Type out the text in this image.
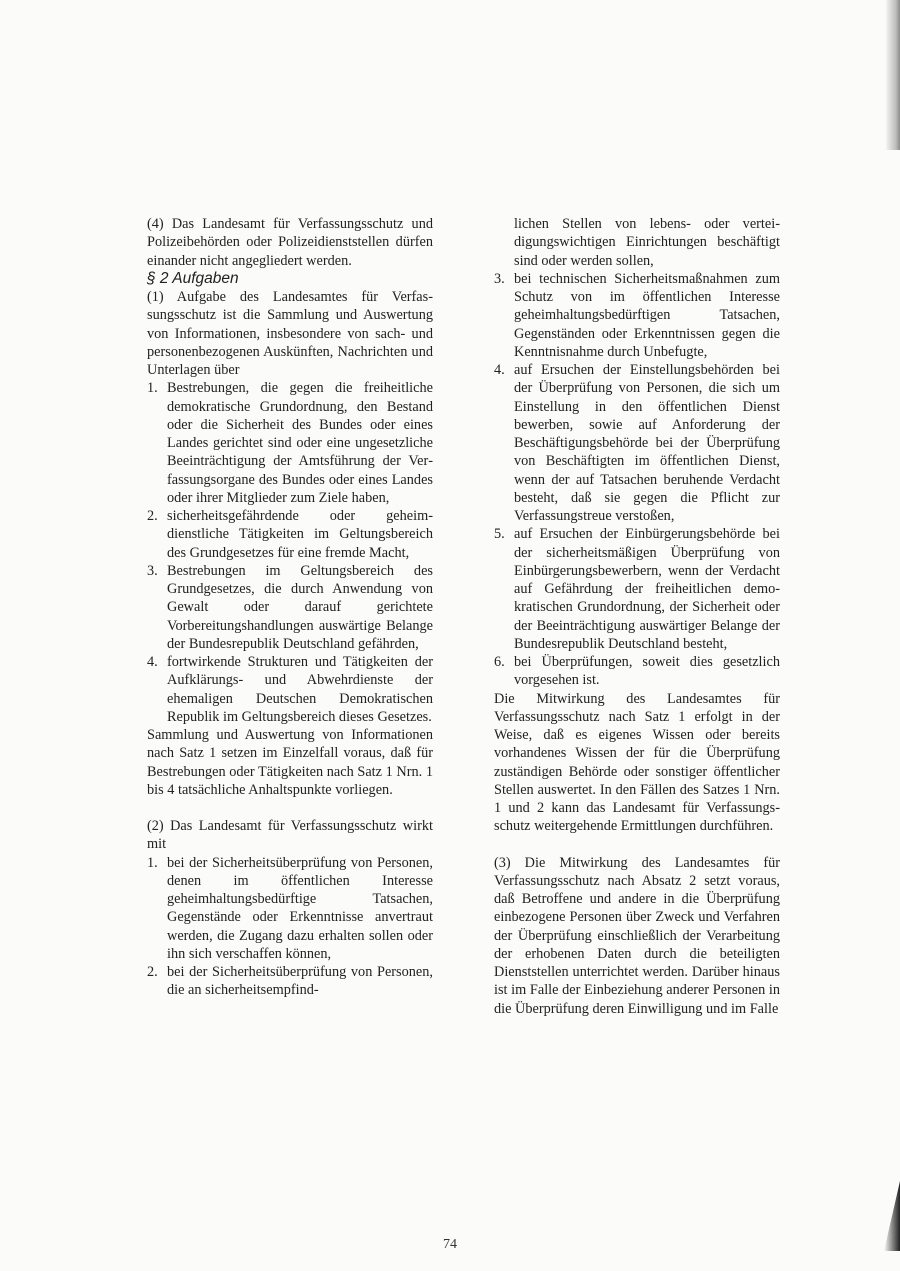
(4) Das Landesamt für Verfassungsschutz und Polizeibehörden oder Polizeidienststellen dürfen einander nicht angegliedert werden.

§ 2 Aufgaben

(1) Aufgabe des Landesamtes für Verfassungsschutz ist die Sammlung und Auswertung von Informationen, insbesondere von sach- und personenbezogenen Auskünften, Nachrichten und Unterlagen über

1. Bestrebungen, die gegen die freiheitliche demokratische Grundordnung, den Bestand oder die Sicherheit des Bundes oder eines Landes gerichtet sind oder eine ungesetzliche Beeinträchtigung der Amtsführung der Verfassungsorgane des Bundes oder eines Landes oder ihrer Mitglieder zum Ziele haben,
2. sicherheitsgefährdende oder geheimdienstliche Tätigkeiten im Geltungsbereich des Grundgesetzes für eine fremde Macht,
3. Bestrebungen im Geltungsbereich des Grundgesetzes, die durch Anwendung von Gewalt oder darauf gerichtete Vorbereitungshandlungen auswärtige Belange der Bundesrepublik Deutschland gefährden,
4. fortwirkende Strukturen und Tätigkeiten der Aufklärungs- und Abwehrdienste der ehemaligen Deutschen Demokratischen Republik im Geltungsbereich dieses Gesetzes.

Sammlung und Auswertung von Informationen nach Satz 1 setzen im Einzelfall voraus, daß für Bestrebungen oder Tätigkeiten nach Satz 1 Nrn. 1 bis 4 tatsächliche Anhaltspunkte vorliegen.

(2) Das Landesamt für Verfassungsschutz wirkt mit

1. bei der Sicherheitsüberprüfung von Personen, denen im öffentlichen Interesse geheimhaltungsbedürftige Tatsachen, Gegenstände oder Erkenntnisse anvertraut werden, die Zugang dazu erhalten sollen oder ihn sich verschaffen können,
2. bei der Sicherheitsüberprüfung von Personen, die an sicherheitsempfind-
lichen Stellen von lebens- oder verteidigungswichtigen Einrichtungen beschäftigt sind oder werden sollen,
3. bei technischen Sicherheitsmaßnahmen zum Schutz von im öffentlichen Interesse geheimhaltungsbedürftigen Tatsachen, Gegenständen oder Erkenntnissen gegen die Kenntnisnahme durch Unbefugte,
4. auf Ersuchen der Einstellungsbehörden bei der Überprüfung von Personen, die sich um Einstellung in den öffentlichen Dienst bewerben, sowie auf Anforderung der Beschäftigungsbehörde bei der Überprüfung von Beschäftigten im öffentlichen Dienst, wenn der auf Tatsachen beruhende Verdacht besteht, daß sie gegen die Pflicht zur Verfassungstreue verstoßen,
5. auf Ersuchen der Einbürgerungsbehörde bei der sicherheitsmäßigen Überprüfung von Einbürgerungsbewerbern, wenn der Verdacht auf Gefährdung der freiheitlichen demokratischen Grundordnung, der Sicherheit oder der Beeinträchtigung auswärtiger Belange der Bundesrepublik Deutschland besteht,
6. bei Überprüfungen, soweit dies gesetzlich vorgesehen ist.

Die Mitwirkung des Landesamtes für Verfassungsschutz nach Satz 1 erfolgt in der Weise, daß es eigenes Wissen oder bereits vorhandenes Wissen der für die Überprüfung zuständigen Behörde oder sonstiger öffentlicher Stellen auswertet. In den Fällen des Satzes 1 Nrn. 1 und 2 kann das Landesamt für Verfassungsschutz weitergehende Ermittlungen durchführen.

(3) Die Mitwirkung des Landesamtes für Verfassungsschutz nach Absatz 2 setzt voraus, daß Betroffene und andere in die Überprüfung einbezogene Personen über Zweck und Verfahren der Überprüfung einschließlich der Verarbeitung der erhobenen Daten durch die beteiligten Dienststellen unterrichtet werden. Darüber hinaus ist im Falle der Einbeziehung anderer Personen in die Überprüfung deren Einwilligung und im Falle

74
